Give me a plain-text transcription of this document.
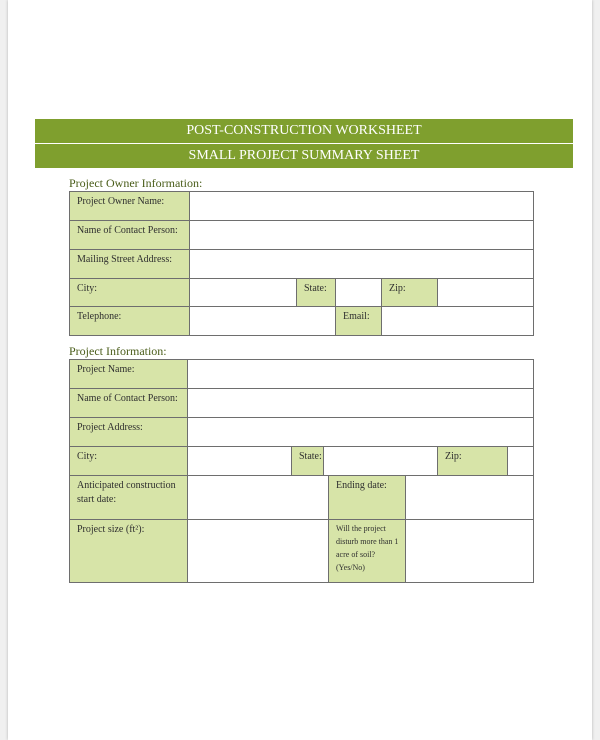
POST-CONSTRUCTION WORKSHEET
SMALL PROJECT SUMMARY SHEET
Project Owner Information:
Project Owner Name:					
Name of Contact Person:					
Mailing Street Address:					
City:		State:		Zip:	
Telephone:		Email:	
Project Information:
Project Name:					
Name of Contact Person:					
Project Address:					
City:		State:		Zip:	
Anticipated construction
start date:		Ending date:	
Project size (ft²):		Will the project
disturb more than 1
acre of soil?
(Yes/No)	
